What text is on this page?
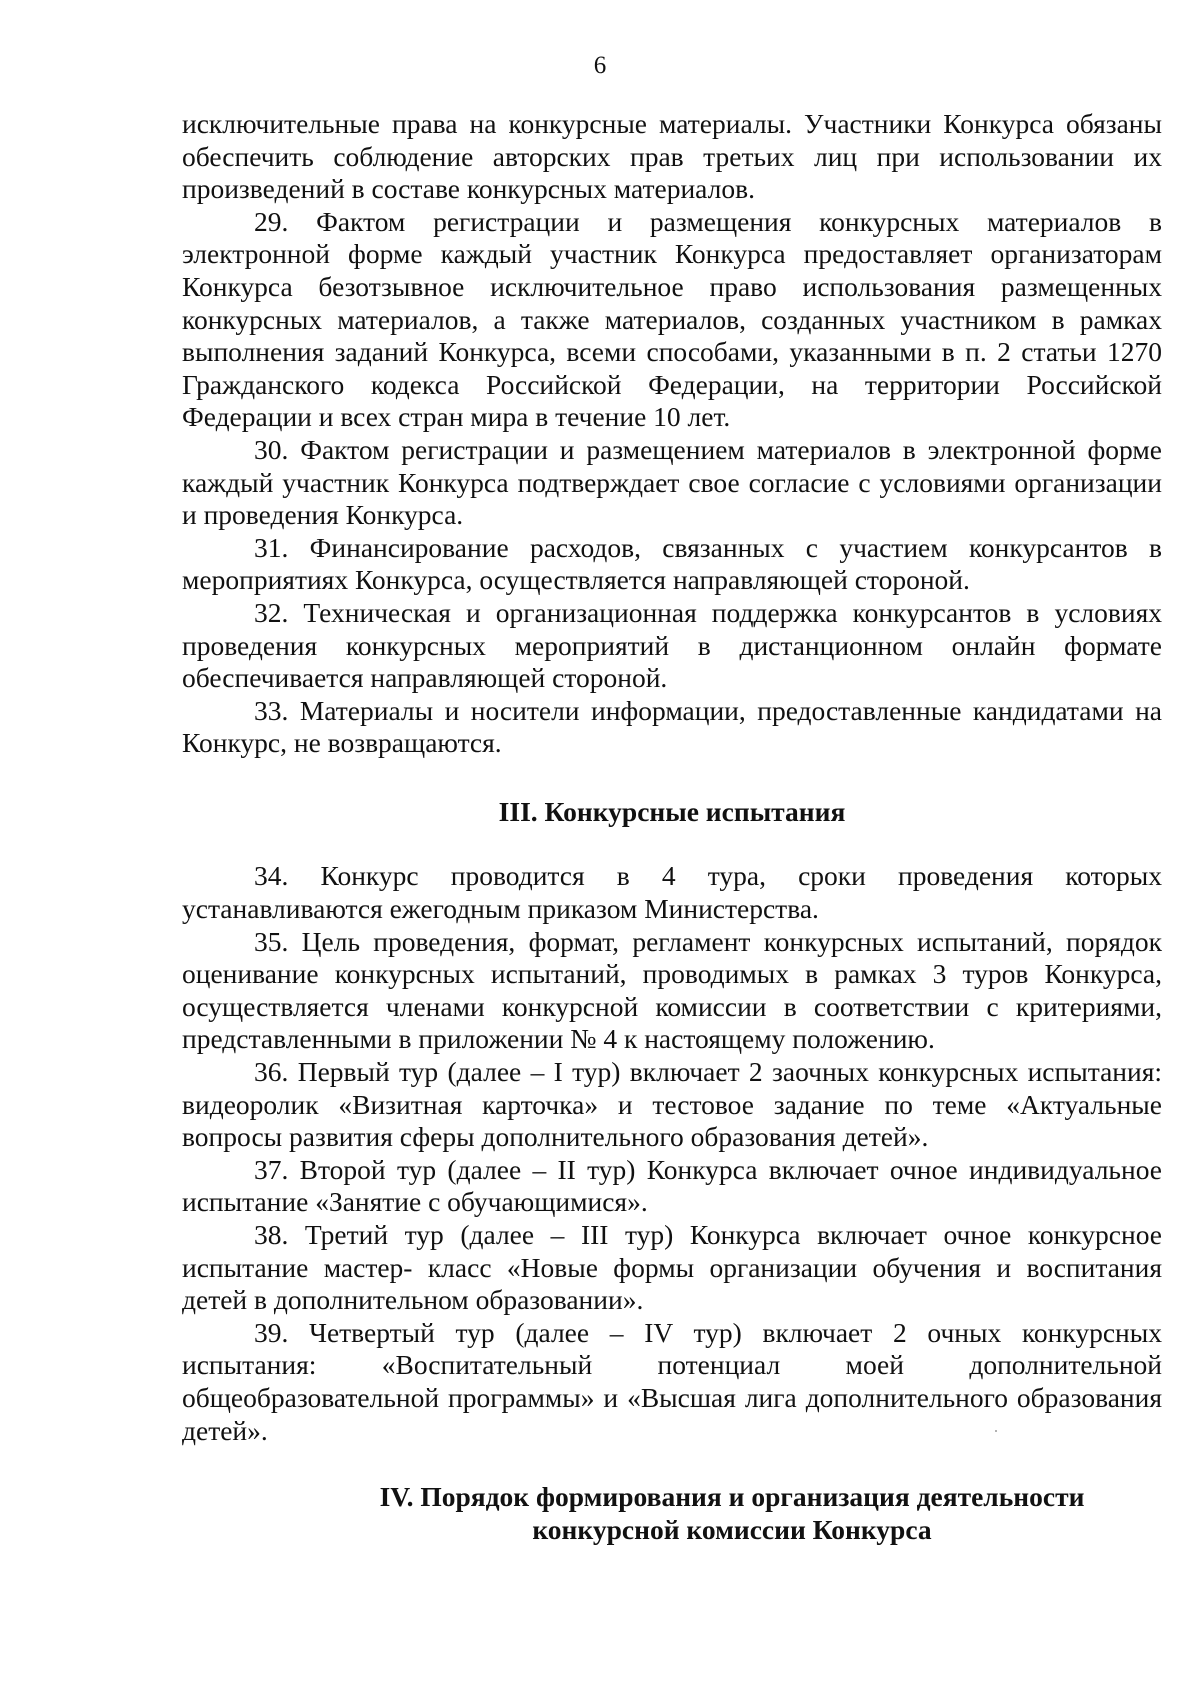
6

исключительные права на конкурсные материалы. Участники Конкурса обязаны обеспечить соблюдение авторских прав третьих лиц при использовании их произведений в составе конкурсных материалов.

29. Фактом регистрации и размещения конкурсных материалов в электронной форме каждый участник Конкурса предоставляет организаторам Конкурса безотзывное исключительное право использования размещенных конкурсных материалов, а также материалов, созданных участником в рамках выполнения заданий Конкурса, всеми способами, указанными в п. 2 статьи 1270 Гражданского кодекса Российской Федерации, на территории Российской Федерации и всех стран мира в течение 10 лет.

30. Фактом регистрации и размещением материалов в электронной форме каждый участник Конкурса подтверждает свое согласие с условиями организации и проведения Конкурса.

31. Финансирование расходов, связанных с участием конкурсантов в мероприятиях Конкурса, осуществляется направляющей стороной.

32. Техническая и организационная поддержка конкурсантов в условиях проведения конкурсных мероприятий в дистанционном онлайн формате обеспечивается направляющей стороной.

33. Материалы и носители информации, предоставленные кандидатами на Конкурс, не возвращаются.

III. Конкурсные испытания

34. Конкурс проводится в 4 тура, сроки проведения которых устанавливаются ежегодным приказом Министерства.

35. Цель проведения, формат, регламент конкурсных испытаний, порядок оценивание конкурсных испытаний, проводимых в рамках 3 туров Конкурса, осуществляется членами конкурсной комиссии в соответствии с критериями, представленными в приложении № 4 к настоящему положению.

36. Первый тур (далее – I тур) включает 2 заочных конкурсных испытания: видеоролик «Визитная карточка» и тестовое задание по теме «Актуальные вопросы развития сферы дополнительного образования детей».

37. Второй тур (далее – II тур) Конкурса включает очное индивидуальное испытание «Занятие с обучающимися».

38. Третий тур (далее – III тур) Конкурса включает очное конкурсное испытание мастер- класс «Новые формы организации обучения и воспитания детей в дополнительном образовании».

39. Четвертый тур (далее – IV тур) включает 2 очных конкурсных испытания: «Воспитательный потенциал моей дополнительной общеобразовательной программы» и «Высшая лига дополнительного образования детей».

IV. Порядок формирования и организация деятельности
конкурсной комиссии Конкурса
